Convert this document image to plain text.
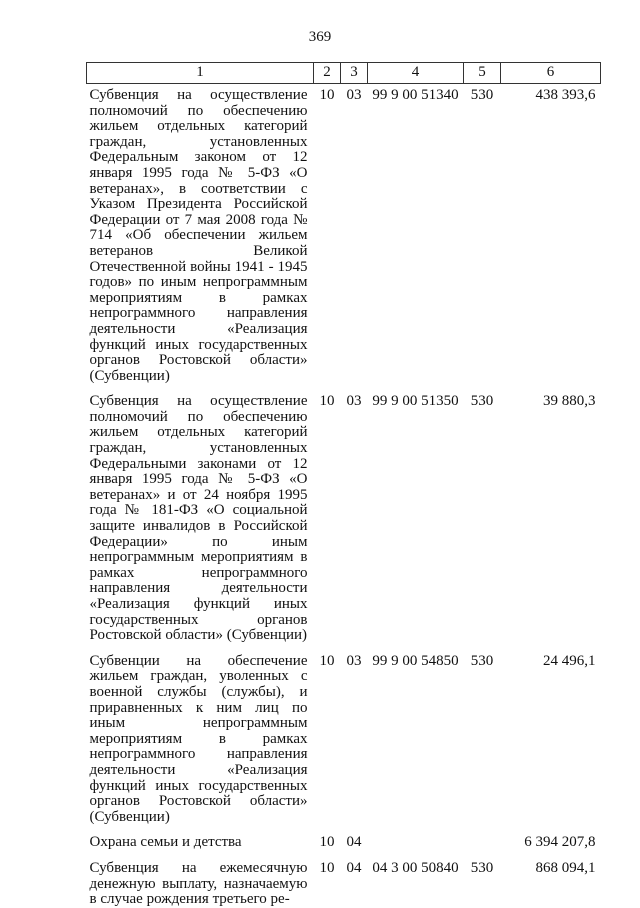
369
1	2	3	4	5	6
Субвенция на осуществление полномочий по обеспечению жильем отдельных категорий граждан, установленных Федеральным законом от 12 января 1995 года № 5-ФЗ «О ветеранах», в соответствии с Указом Президента Российской Федерации от 7 мая 2008 года № 714 «Об обеспечении жильем ветеранов Великой Отечественной войны 1941 - 1945 годов» по иным непрограммным мероприятиям в рамках непрограммного направления деятельности «Реализация функций иных государственных органов Ростовской области» (Субвенции)	10	03	99 9 00 51340	530	438 393,6
Субвенция на осуществление полномочий по обеспечению жильем отдельных категорий граждан, установленных Федеральными законами от 12 января 1995 года № 5-ФЗ «О ветеранах» и от 24 ноября 1995 года № 181-ФЗ «О социальной защите инвалидов в Российской Федерации» по иным непрограммным мероприятиям в рамках непрограммного направления деятельности «Реализация функций иных государственных органов Ростовской области» (Субвенции)	10	03	99 9 00 51350	530	39 880,3
Субвенции на обеспечение жильем граждан, уволенных с военной службы (службы), и приравненных к ним лиц по иным непрограммным мероприятиям в рамках непрограммного направления деятельности «Реализация функций иных государственных органов Ростовской области» (Субвенции)	10	03	99 9 00 54850	530	24 496,1
Охрана семьи и детства	10	04			6 394 207,8
Субвенция на ежемесячную денежную выплату, назначаемую в случае рождения третьего ре-	10	04	04 3 00 50840	530	868 094,1
